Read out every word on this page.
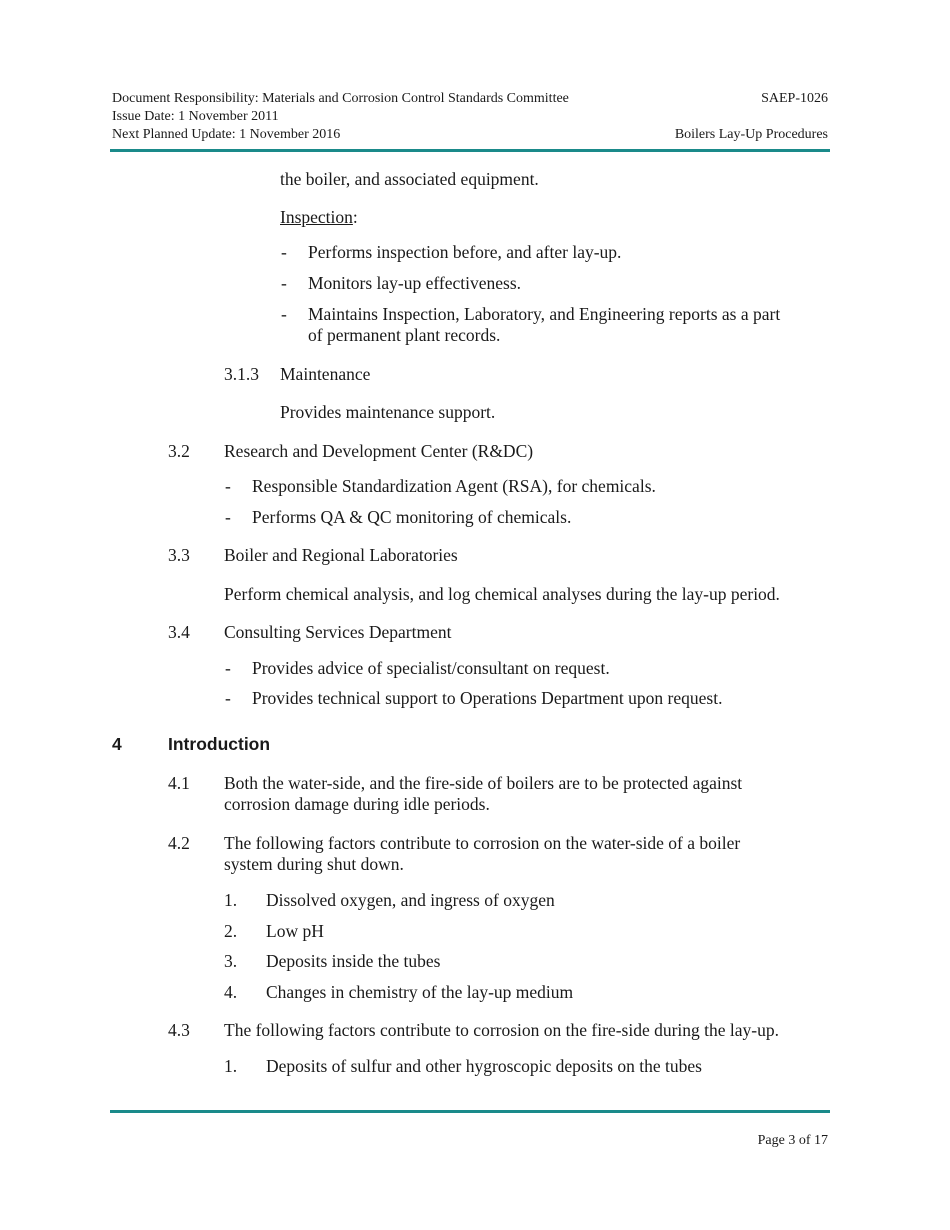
Document Responsibility: Materials and Corrosion Control Standards Committee	SAEP-1026
Issue Date: 1 November 2011
Next Planned Update: 1 November 2016	Boilers Lay-Up Procedures
the boiler, and associated equipment.
Inspection:
- Performs inspection before, and after lay-up.
- Monitors lay-up effectiveness.
- Maintains Inspection, Laboratory, and Engineering reports as a part
of permanent plant records.
3.1.3 Maintenance
Provides maintenance support.
3.2 Research and Development Center (R&DC)
- Responsible Standardization Agent (RSA), for chemicals.
- Performs QA & QC monitoring of chemicals.
3.3 Boiler and Regional Laboratories
Perform chemical analysis, and log chemical analyses during the lay-up period.
3.4 Consulting Services Department
- Provides advice of specialist/consultant on request.
- Provides technical support to Operations Department upon request.
4	Introduction
4.1 Both the water-side, and the fire-side of boilers are to be protected against
corrosion damage during idle periods.
4.2 The following factors contribute to corrosion on the water-side of a boiler
system during shut down.
1. Dissolved oxygen, and ingress of oxygen
2. Low pH
3. Deposits inside the tubes
4. Changes in chemistry of the lay-up medium
4.3 The following factors contribute to corrosion on the fire-side during the lay-up.
1. Deposits of sulfur and other hygroscopic deposits on the tubes
Page 3 of 17
